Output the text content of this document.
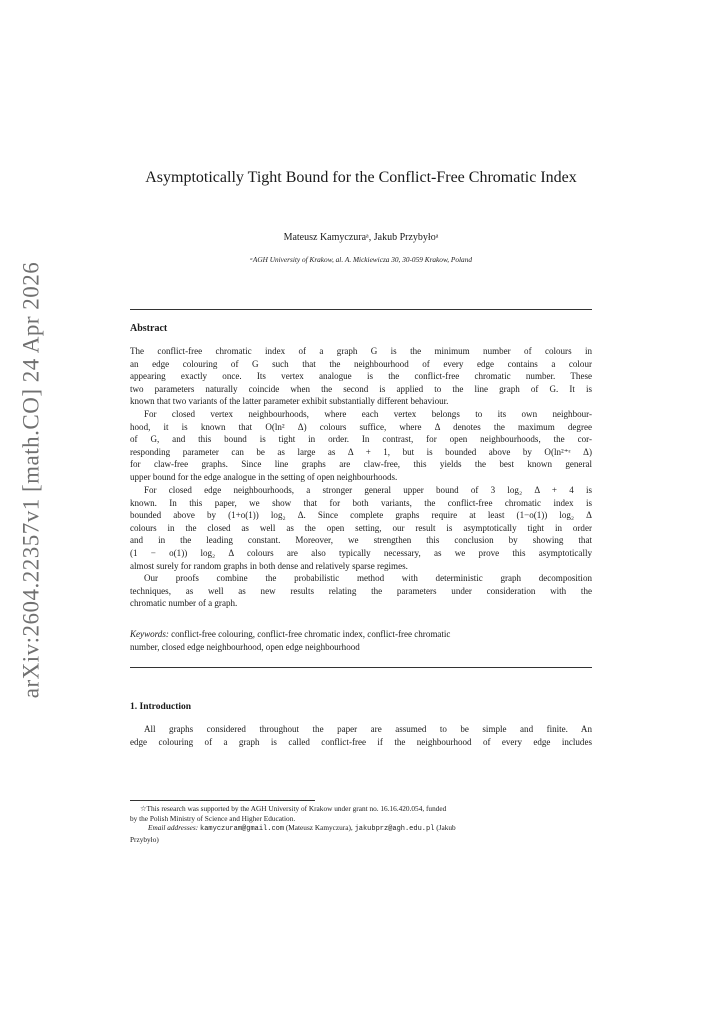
arXiv:2604.22357v1 [math.CO] 24 Apr 2026
Asymptotically Tight Bound for the Conflict-Free Chromatic Index
Mateusz Kamyczuraᵃ, Jakub Przybyłoᵃ
ᵃAGH University of Krakow, al. A. Mickiewicza 30, 30-059 Krakow, Poland
Abstract

The conflict-free chromatic index of a graph G is the minimum number of colours in

an edge colouring of G such that the neighbourhood of every edge contains a colour

appearing exactly once. Its vertex analogue is the conflict-free chromatic number. These

two parameters naturally coincide when the second is applied to the line graph of G. It is

known that two variants of the latter parameter exhibit substantially different behaviour.

For closed vertex neighbourhoods, where each vertex belongs to its own neighbour-

hood, it is known that O(ln² Δ) colours suffice, where Δ denotes the maximum degree

of G, and this bound is tight in order. In contrast, for open neighbourhoods, the cor-

responding parameter can be as large as Δ + 1, but is bounded above by O(ln²⁺ᵋ Δ)

for claw-free graphs. Since line graphs are claw-free, this yields the best known general

upper bound for the edge analogue in the setting of open neighbourhoods.

For closed edge neighbourhoods, a stronger general upper bound of 3 log₂ Δ + 4 is

known. In this paper, we show that for both variants, the conflict-free chromatic index is

bounded above by (1+o(1)) log₂ Δ. Since complete graphs require at least (1−o(1)) log₂ Δ

colours in the closed as well as the open setting, our result is asymptotically tight in order

and in the leading constant. Moreover, we strengthen this conclusion by showing that

(1 − o(1)) log₂ Δ colours are also typically necessary, as we prove this asymptotically

almost surely for random graphs in both dense and relatively sparse regimes.

Our proofs combine the probabilistic method with deterministic graph decomposition

techniques, as well as new results relating the parameters under consideration with the

chromatic number of a graph.

Keywords: conflict-free colouring, conflict-free chromatic index, conflict-free chromatic

number, closed edge neighbourhood, open edge neighbourhood

1. Introduction

All graphs considered throughout the paper are assumed to be simple and finite. An

edge colouring of a graph is called conflict-free if the neighbourhood of every edge includes

☆This research was supported by the AGH University of Krakow under grant no. 16.16.420.054, funded

by the Polish Ministry of Science and Higher Education.

Email addresses: kamyczuram@gmail.com (Mateusz Kamyczura), jakubprz@agh.edu.pl (Jakub

Przybyło)
